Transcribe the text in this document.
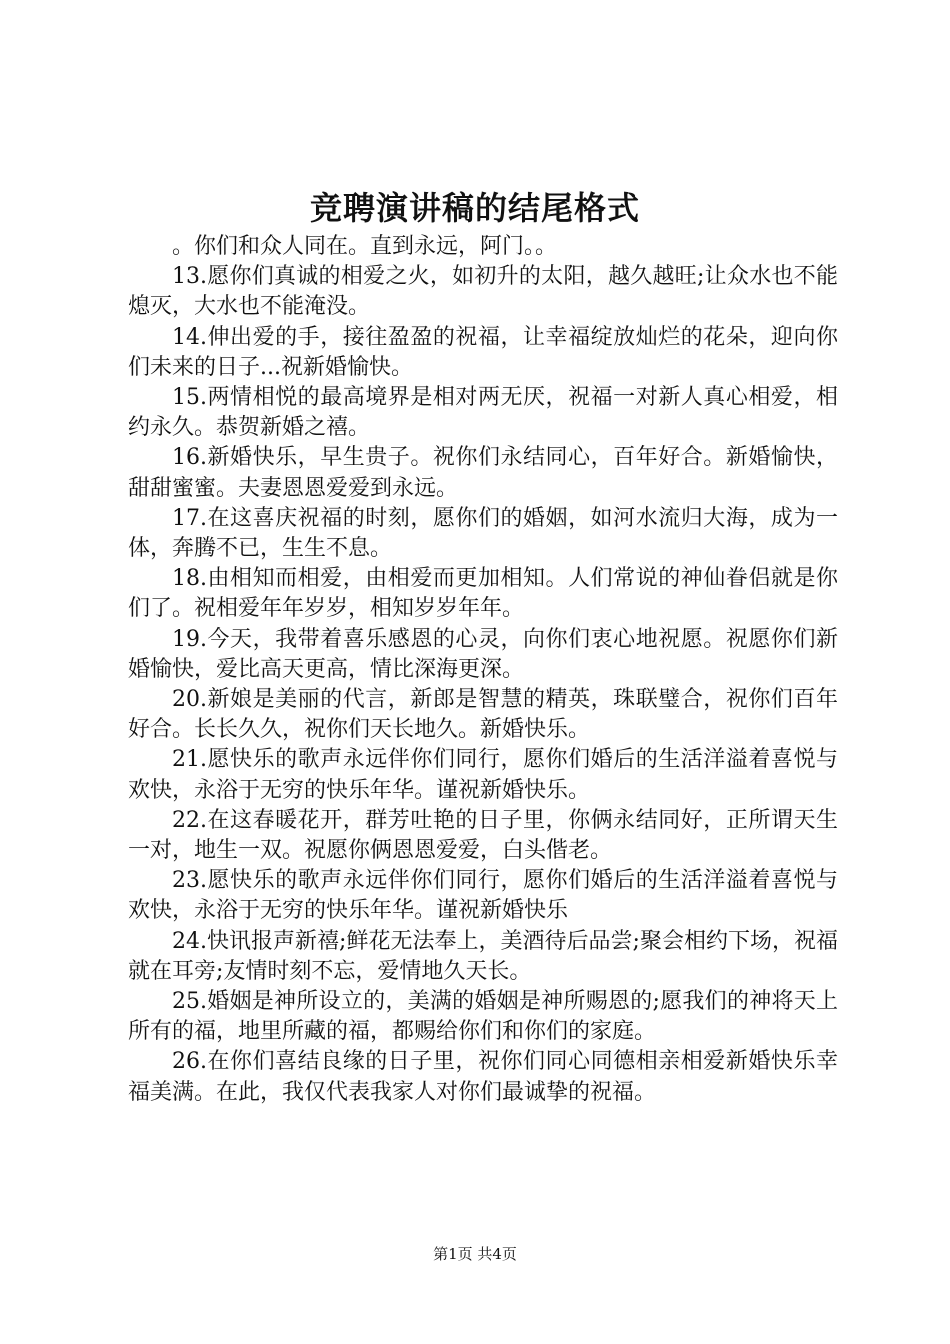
竞聘演讲稿的结尾格式

。你们和众人同在。直到永远，阿门。。

13.愿你们真诚的相爱之火，如初升的太阳，越久越旺;让众水也不能熄灭，大水也不能淹没。

14.伸出爱的手，接往盈盈的祝福，让幸福绽放灿烂的花朵，迎向你们未来的日子...祝新婚愉快。

15.两情相悦的最高境界是相对两无厌，祝福一对新人真心相爱，相约永久。恭贺新婚之禧。

16.新婚快乐，早生贵子。祝你们永结同心，百年好合。新婚愉快，甜甜蜜蜜。夫妻恩恩爱爱到永远。

17.在这喜庆祝福的时刻，愿你们的婚姻，如河水流归大海，成为一体，奔腾不已，生生不息。

18.由相知而相爱，由相爱而更加相知。人们常说的神仙眷侣就是你们了。祝相爱年年岁岁，相知岁岁年年。

19.今天，我带着喜乐感恩的心灵，向你们衷心地祝愿。祝愿你们新婚愉快，爱比高天更高，情比深海更深。

20.新娘是美丽的代言，新郎是智慧的精英，珠联璧合，祝你们百年好合。长长久久，祝你们天长地久。新婚快乐。

21.愿快乐的歌声永远伴你们同行，愿你们婚后的生活洋溢着喜悦与欢快，永浴于无穷的快乐年华。谨祝新婚快乐。

22.在这春暖花开，群芳吐艳的日子里，你俩永结同好，正所谓天生一对，地生一双。祝愿你俩恩恩爱爱，白头偕老。

23.愿快乐的歌声永远伴你们同行，愿你们婚后的生活洋溢着喜悦与欢快，永浴于无穷的快乐年华。谨祝新婚快乐

24.快讯报声新禧;鲜花无法奉上，美酒待后品尝;聚会相约下场，祝福就在耳旁;友情时刻不忘，爱情地久天长。

25.婚姻是神所设立的，美满的婚姻是神所赐恩的;愿我们的神将天上所有的福，地里所藏的福，都赐给你们和你们的家庭。

26.在你们喜结良缘的日子里，祝你们同心同德相亲相爱新婚快乐幸福美满。在此，我仅代表我家人对你们最诚挚的祝福。

第1页 共4页
